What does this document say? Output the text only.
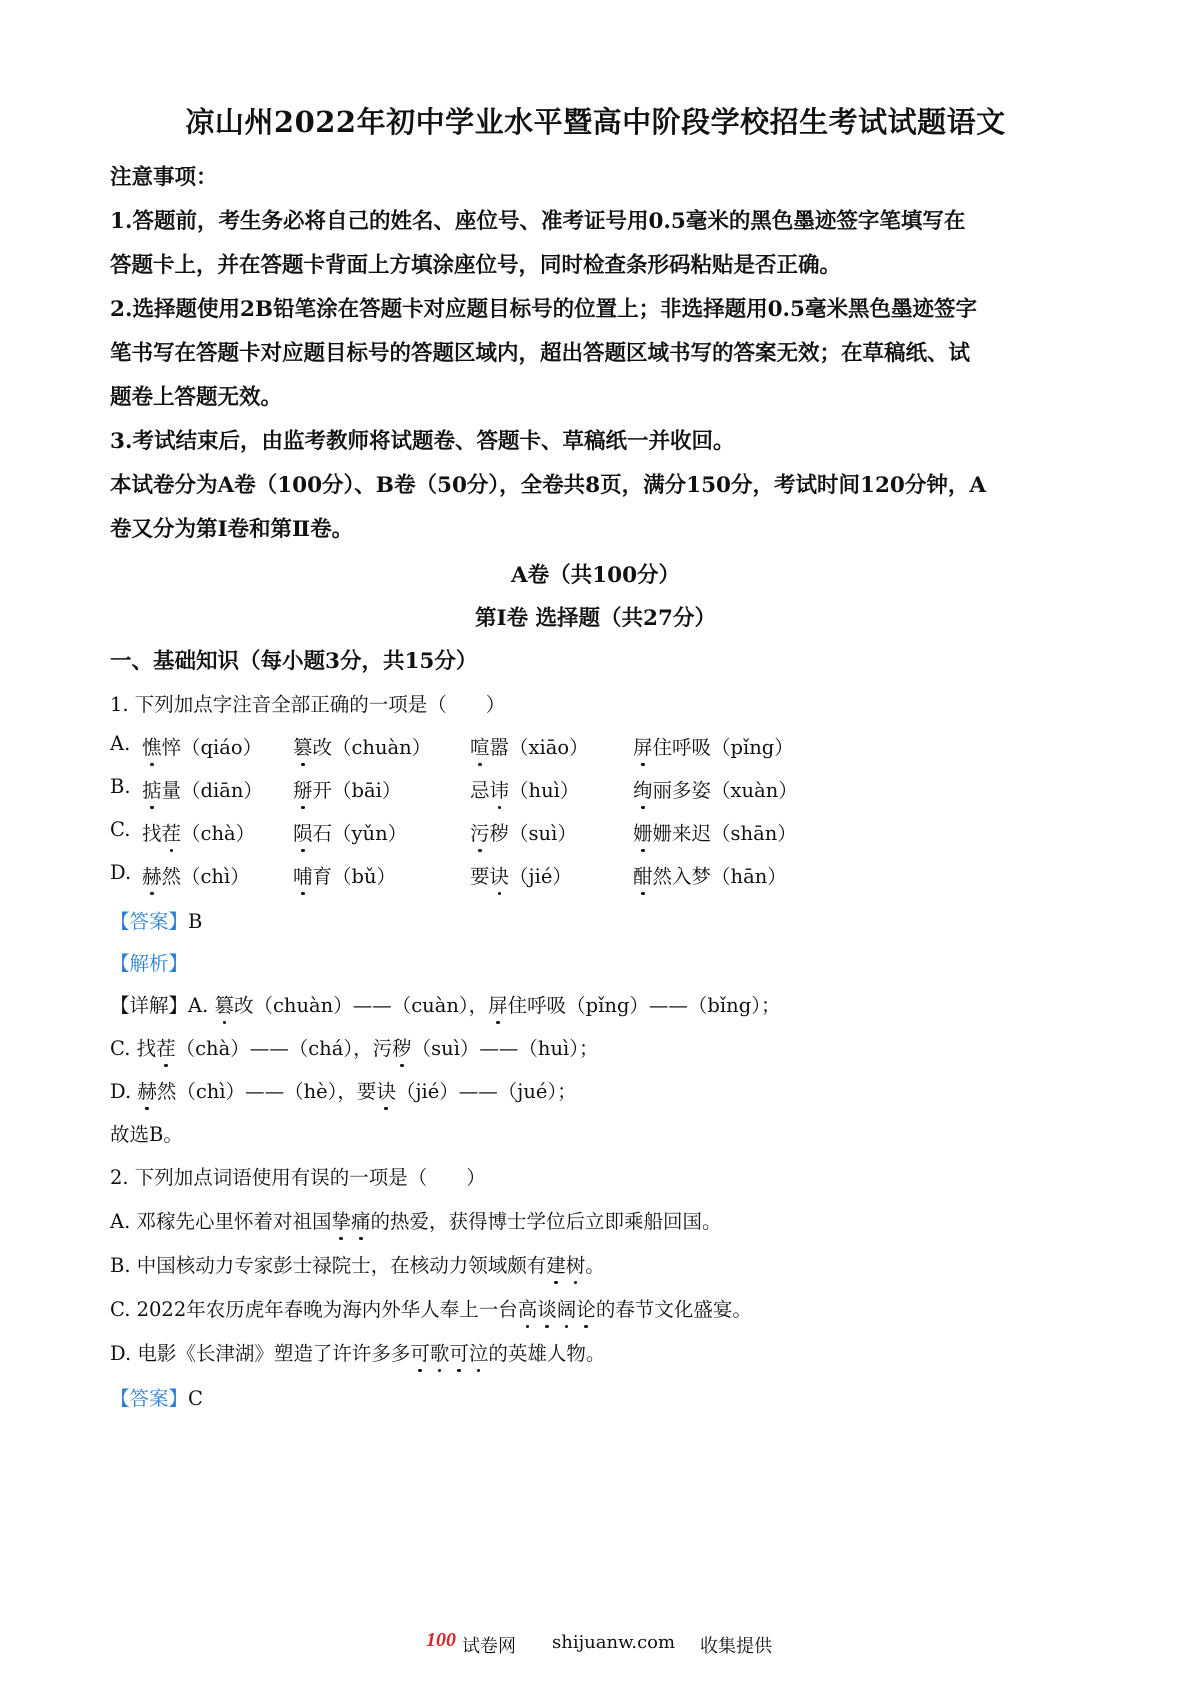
凉山州2022年初中学业水平暨高中阶段学校招生考试试题语文
注意事项：
1.答题前，考生务必将自己的姓名、座位号、准考证号用0.5毫米的黑色墨迹签字笔填写在
答题卡上，并在答题卡背面上方填涂座位号，同时检查条形码粘贴是否正确。
2.选择题使用2B铅笔涂在答题卡对应题目标号的位置上；非选择题用0.5毫米黑色墨迹签字
笔书写在答题卡对应题目标号的答题区域内，超出答题区域书写的答案无效；在草稿纸、试
题卷上答题无效。
3.考试结束后，由监考教师将试题卷、答题卡、草稿纸一并收回。
本试卷分为A卷（100分）、B卷（50分），全卷共8页，满分150分，考试时间120分钟，A
卷又分为第Ⅰ卷和第Ⅱ卷。
A卷（共100分）
第Ⅰ卷 选择题（共27分）
一、基础知识（每小题3分，共15分）
1. 下列加点字注音全部正确的一项是（　　）
A. 憔悴（qiáo） 篡改（chuàn） 喧嚣（xiāo） 屏住呼吸（pǐng）
B. 掂量（diān） 掰开（bāi）	忌讳（huì）	绚丽多姿（xuàn）
C. 找茬（chà） 陨石（yǔn）	污秽（suì）	姗姗来迟（shān）
D. 赫然（chì） 哺育（bǔ）	要诀（jié）	酣然入梦（hān）
【答案】B
【解析】
【详解】A. 篡改（chuàn）——（cuàn），屏住呼吸（pǐng）——（bǐng）；
C. 找茬（chà）——（chá），污秽（suì）——（huì）；
D. 赫然（chì）——（hè），要诀（jié）——（jué）；
故选B。
2. 下列加点词语使用有误的一项是（　　）
A. 邓稼先心里怀着对祖国挚痛的热爱，获得博士学位后立即乘船回国。
B. 中国核动力专家彭士禄院士，在核动力领域颇有建树。
C. 2022年农历虎年春晚为海内外华人奉上一台高谈阔论的春节文化盛宴。
D. 电影《长津湖》塑造了许许多多可歌可泣的英雄人物。
【答案】C
100 试卷网 shijuanw.com 收集提供
